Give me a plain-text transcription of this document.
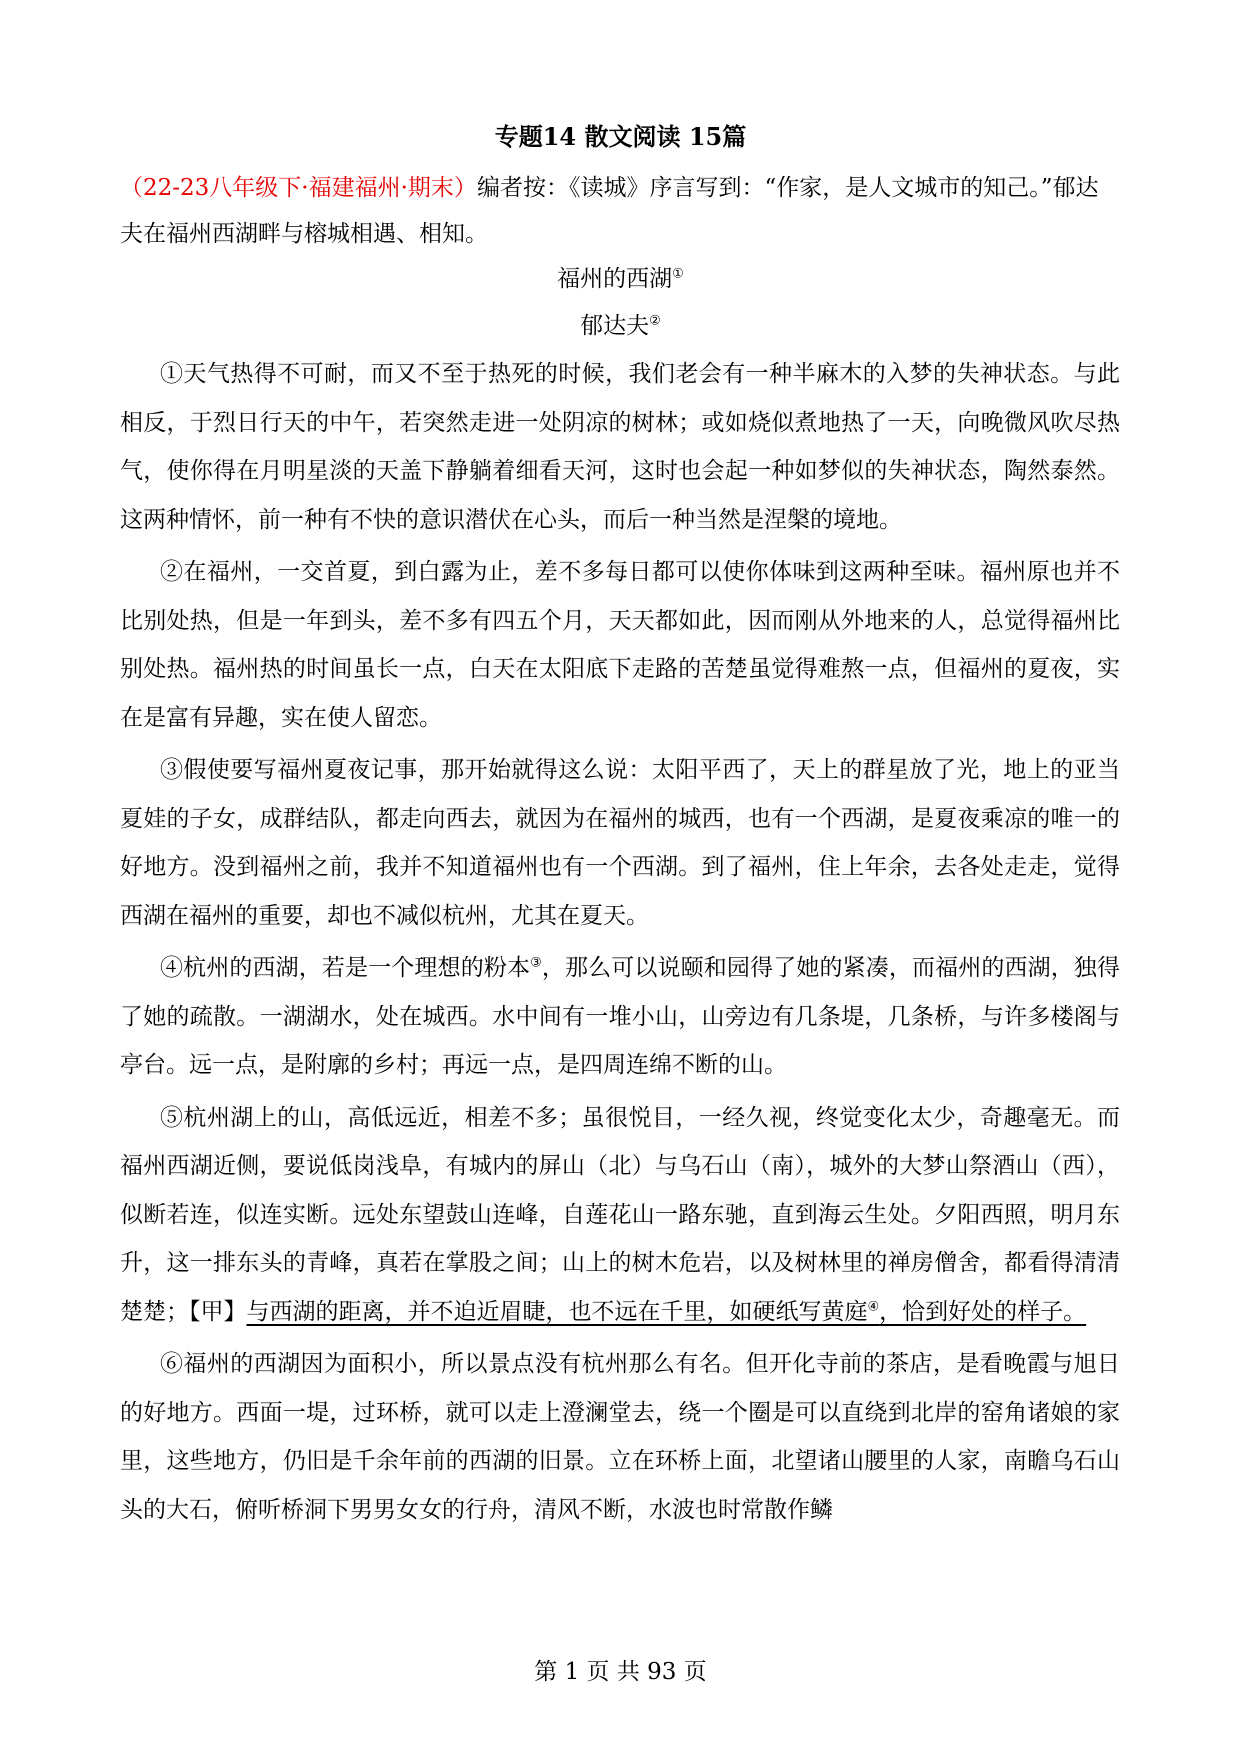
专题14 散文阅读 15篇
（22-23八年级下·福建福州·期末）编者按：《读城》序言写到：“作家，是人文城市的知己。”郁达夫在福州西湖畔与榕城相遇、相知。
福州的西湖①
郁达夫②

①天气热得不可耐，而又不至于热死的时候，我们老会有一种半麻木的入梦的失神状态。与此相反，于烈日行天的中午，若突然走进一处阴凉的树林；或如烧似煮地热了一天，向晚微风吹尽热气，使你得在月明星淡的天盖下静躺着细看天河，这时也会起一种如梦似的失神状态，陶然泰然。这两种情怀，前一种有不快的意识潜伏在心头，而后一种当然是涅槃的境地。

②在福州，一交首夏，到白露为止，差不多每日都可以使你体味到这两种至味。福州原也并不比别处热，但是一年到头，差不多有四五个月，天天都如此，因而刚从外地来的人，总觉得福州比别处热。福州热的时间虽长一点，白天在太阳底下走路的苦楚虽觉得难熬一点，但福州的夏夜，实在是富有异趣，实在使人留恋。

③假使要写福州夏夜记事，那开始就得这么说：太阳平西了，天上的群星放了光，地上的亚当夏娃的子女，成群结队，都走向西去，就因为在福州的城西，也有一个西湖，是夏夜乘凉的唯一的好地方。没到福州之前，我并不知道福州也有一个西湖。到了福州，住上年余，去各处走走，觉得西湖在福州的重要，却也不减似杭州，尤其在夏天。

④杭州的西湖，若是一个理想的粉本③，那么可以说颐和园得了她的紧凑，而福州的西湖，独得了她的疏散。一湖湖水，处在城西。水中间有一堆小山，山旁边有几条堤，几条桥，与许多楼阁与亭台。远一点，是附廓的乡村；再远一点，是四周连绵不断的山。

⑤杭州湖上的山，高低远近，相差不多；虽很悦目，一经久视，终觉变化太少，奇趣毫无。而福州西湖近侧，要说低岗浅阜，有城内的屏山（北）与乌石山（南），城外的大梦山祭酒山（西），似断若连，似连实断。远处东望鼓山连峰，自莲花山一路东驰，直到海云生处。夕阳西照，明月东升，这一排东头的青峰，真若在掌股之间；山上的树木危岩，以及树林里的禅房僧舍，都看得清清楚楚；【甲】与西湖的距离，并不迫近眉睫，也不远在千里，如硬纸写黄庭④，恰到好处的样子。

⑥福州的西湖因为面积小，所以景点没有杭州那么有名。但开化寺前的茶店，是看晚霞与旭日的好地方。西面一堤，过环桥，就可以走上澄澜堂去，绕一个圈是可以直绕到北岸的窑角诸娘的家里，这些地方，仍旧是千余年前的西湖的旧景。立在环桥上面，北望诸山腰里的人家，南瞻乌石山头的大石，俯听桥洞下男男女女的行舟，清风不断，水波也时常散作鳞

第 1 页 共 93 页
